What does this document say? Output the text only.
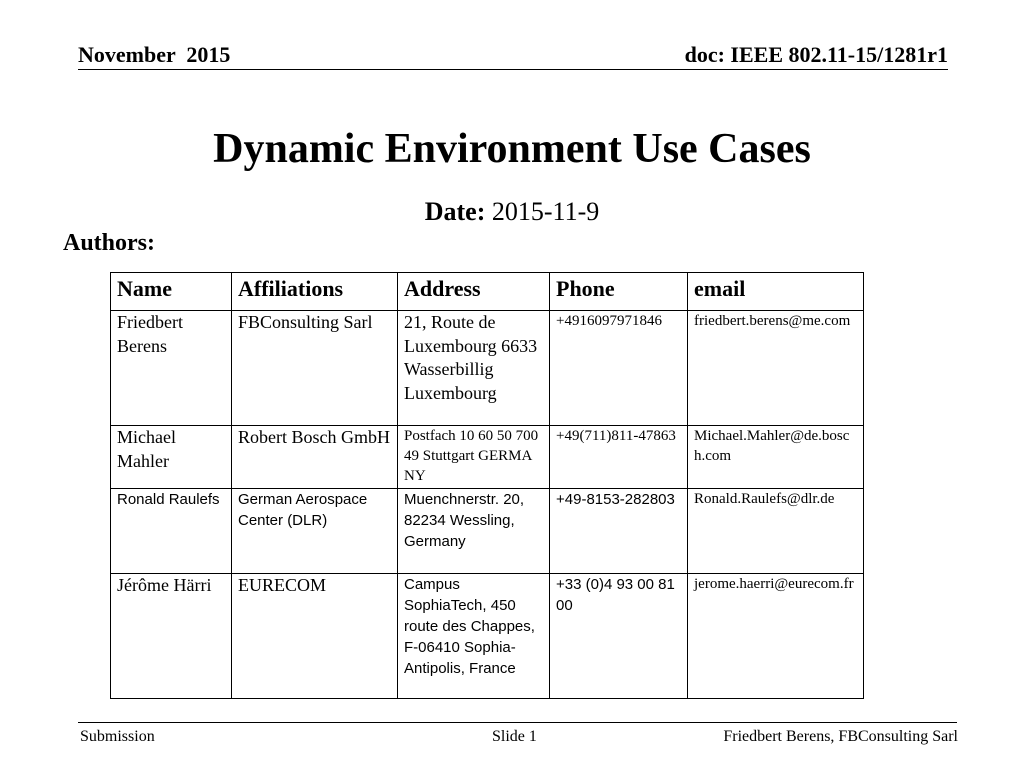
November  2015	doc: IEEE 802.11-15/1281r1
Dynamic Environment Use Cases
Date: 2015-11-9
Authors:
Name	Affiliations	Address	Phone	email
Friedbert Berens	FBConsulting Sarl	21, Route de Luxembourg 6633 Wasserbillig Luxembourg	+4916097971846	friedbert.berens@me.com
Michael Mahler	Robert Bosch GmbH	Postfach 10 60 50 70049 Stuttgart GERMANY	+49(711)811-47863	Michael.Mahler@de.bosch.com
Ronald Raulefs	German Aerospace Center (DLR)	Muenchnerstr. 20, 82234 Wessling, Germany	+49-8153-282803	Ronald.Raulefs@dlr.de
Jérôme Härri	EURECOM	Campus SophiaTech, 450 route des Chappes, F-06410 Sophia-Antipolis, France	+33 (0)4 93 00 81 00	jerome.haerri@eurecom.fr
Submission	Slide 1	Friedbert Berens, FBConsulting Sarl
